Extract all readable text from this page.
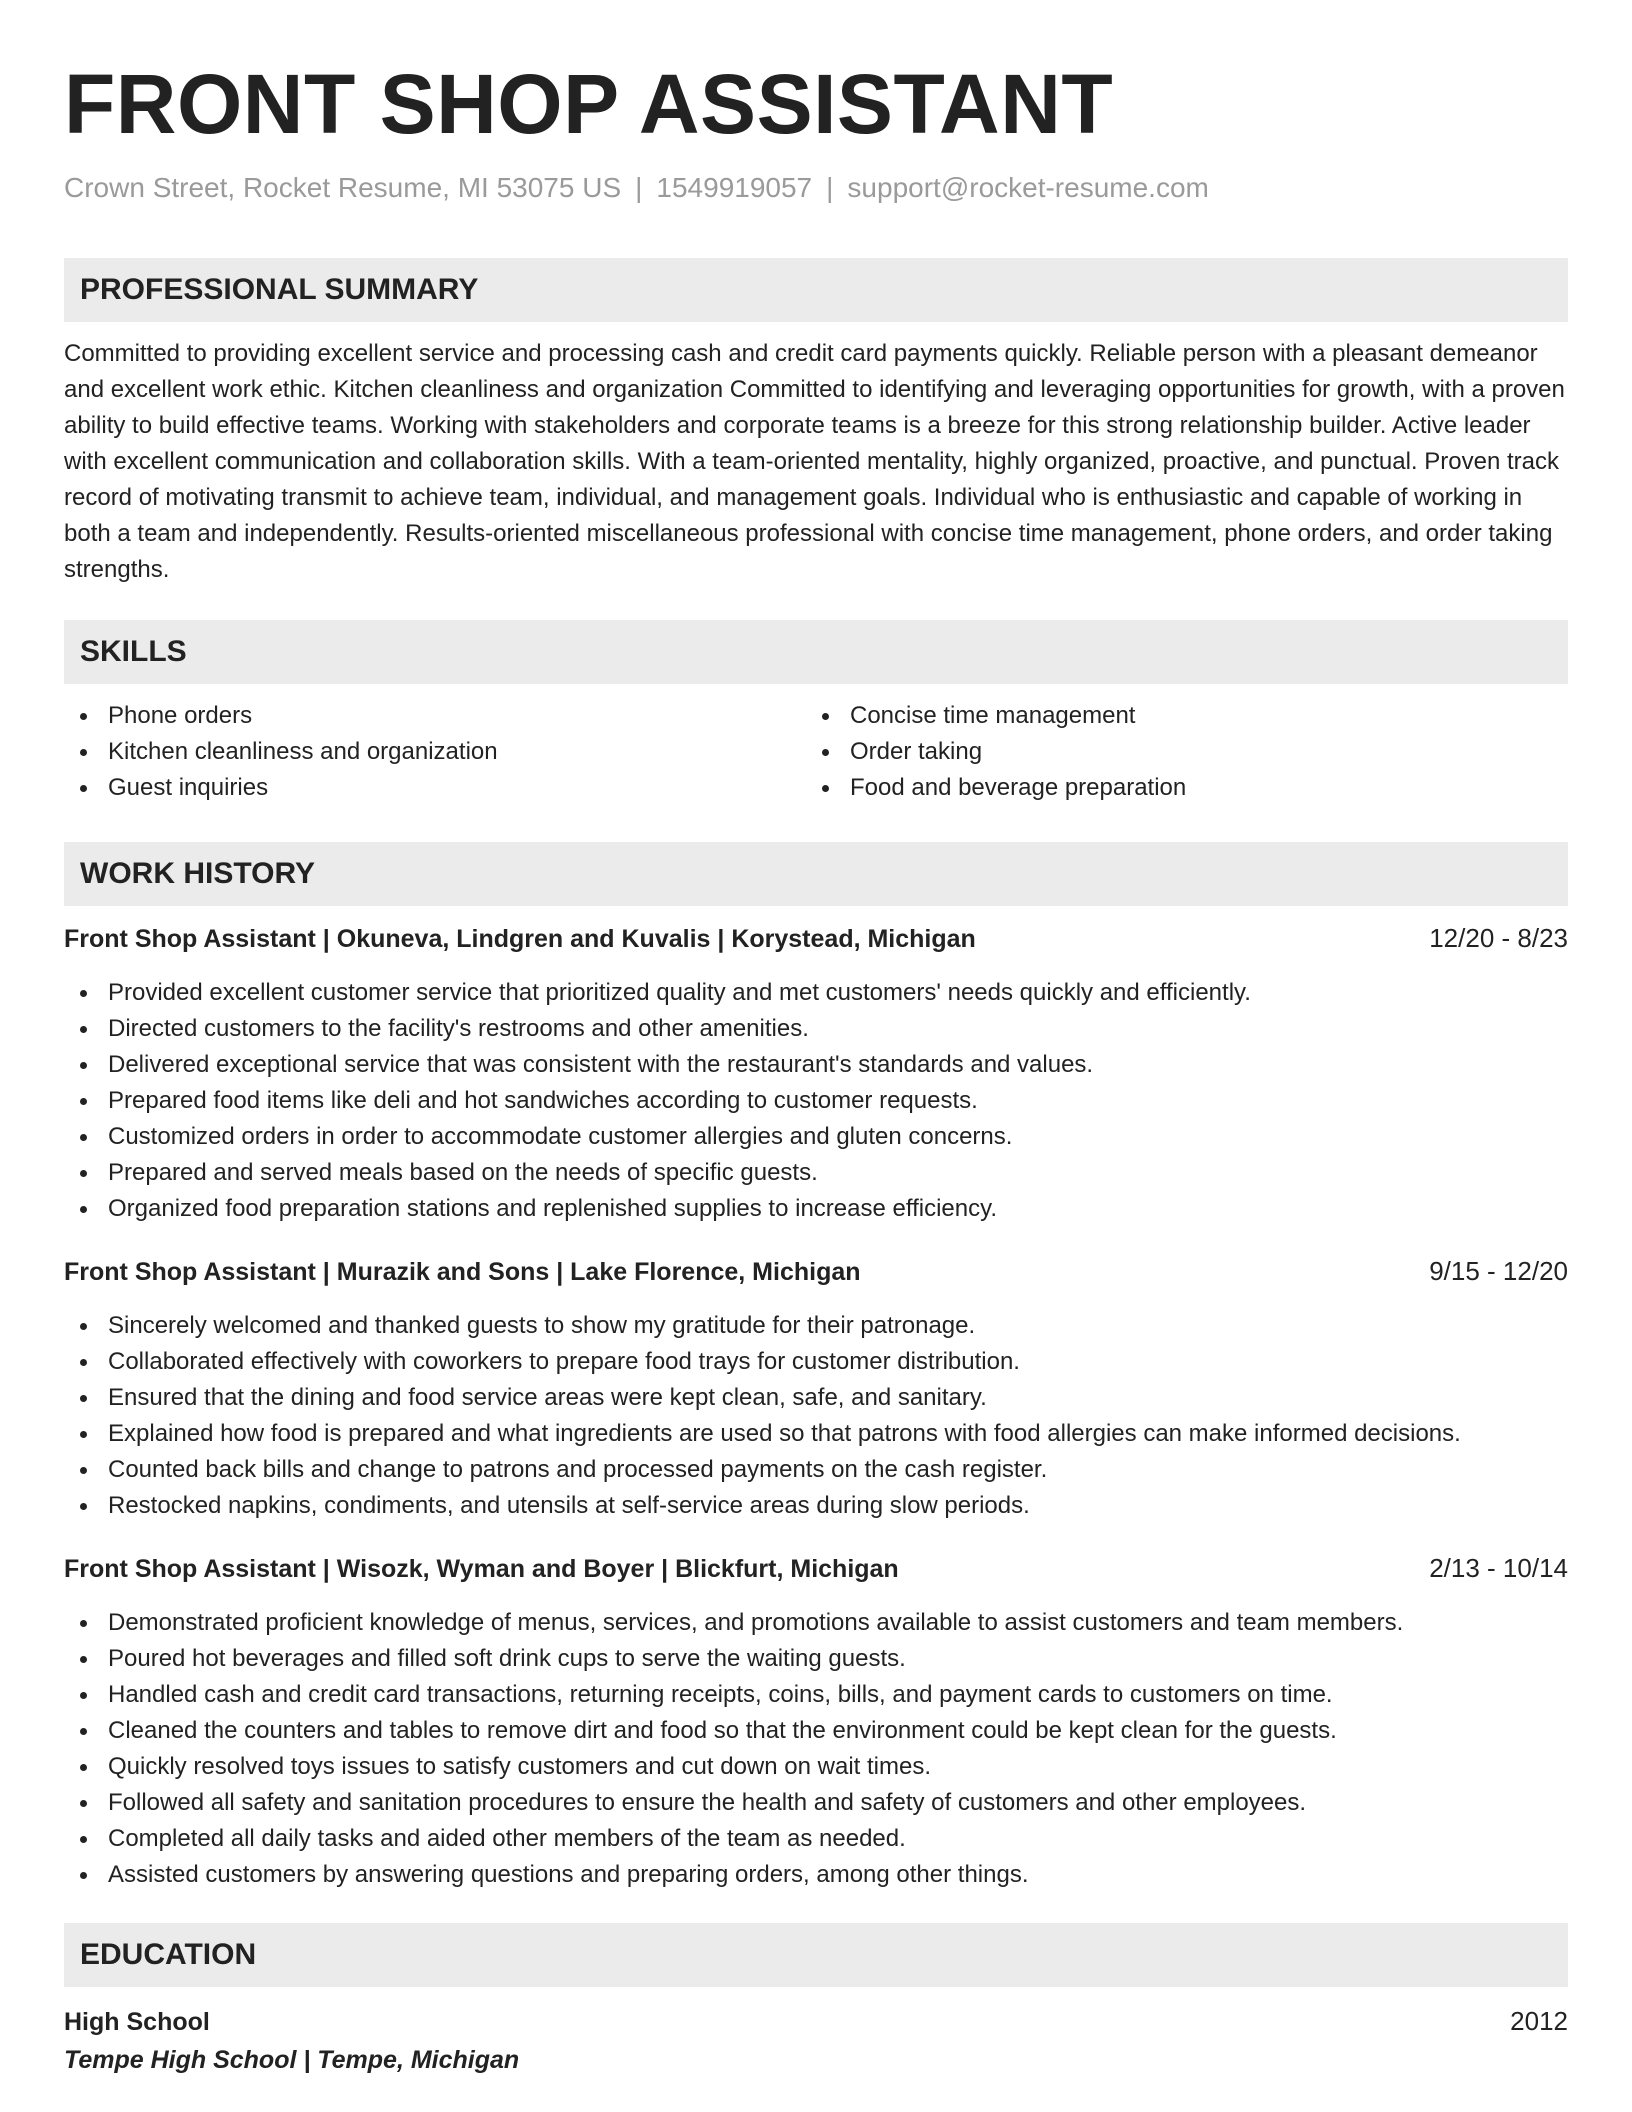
FRONT SHOP ASSISTANT
Crown Street, Rocket Resume, MI 53075 US | 1549919057 | support@rocket-resume.com
PROFESSIONAL SUMMARY
Committed to providing excellent service and processing cash and credit card payments quickly. Reliable person with a pleasant demeanor and excellent work ethic. Kitchen cleanliness and organization Committed to identifying and leveraging opportunities for growth, with a proven ability to build effective teams. Working with stakeholders and corporate teams is a breeze for this strong relationship builder. Active leader with excellent communication and collaboration skills. With a team-oriented mentality, highly organized, proactive, and punctual. Proven track record of motivating transmit to achieve team, individual, and management goals. Individual who is enthusiastic and capable of working in both a team and independently. Results-oriented miscellaneous professional with concise time management, phone orders, and order taking strengths.
SKILLS
Phone orders
Kitchen cleanliness and organization
Guest inquiries
Concise time management
Order taking
Food and beverage preparation
WORK HISTORY
Front Shop Assistant | Okuneva, Lindgren and Kuvalis | Korystead, Michigan	12/20 - 8/23
Provided excellent customer service that prioritized quality and met customers' needs quickly and efficiently.
Directed customers to the facility's restrooms and other amenities.
Delivered exceptional service that was consistent with the restaurant's standards and values.
Prepared food items like deli and hot sandwiches according to customer requests.
Customized orders in order to accommodate customer allergies and gluten concerns.
Prepared and served meals based on the needs of specific guests.
Organized food preparation stations and replenished supplies to increase efficiency.
Front Shop Assistant | Murazik and Sons | Lake Florence, Michigan	9/15 - 12/20
Sincerely welcomed and thanked guests to show my gratitude for their patronage.
Collaborated effectively with coworkers to prepare food trays for customer distribution.
Ensured that the dining and food service areas were kept clean, safe, and sanitary.
Explained how food is prepared and what ingredients are used so that patrons with food allergies can make informed decisions.
Counted back bills and change to patrons and processed payments on the cash register.
Restocked napkins, condiments, and utensils at self-service areas during slow periods.
Front Shop Assistant | Wisozk, Wyman and Boyer | Blickfurt, Michigan	2/13 - 10/14
Demonstrated proficient knowledge of menus, services, and promotions available to assist customers and team members.
Poured hot beverages and filled soft drink cups to serve the waiting guests.
Handled cash and credit card transactions, returning receipts, coins, bills, and payment cards to customers on time.
Cleaned the counters and tables to remove dirt and food so that the environment could be kept clean for the guests.
Quickly resolved toys issues to satisfy customers and cut down on wait times.
Followed all safety and sanitation procedures to ensure the health and safety of customers and other employees.
Completed all daily tasks and aided other members of the team as needed.
Assisted customers by answering questions and preparing orders, among other things.
EDUCATION
High School	2012
Tempe High School | Tempe, Michigan
